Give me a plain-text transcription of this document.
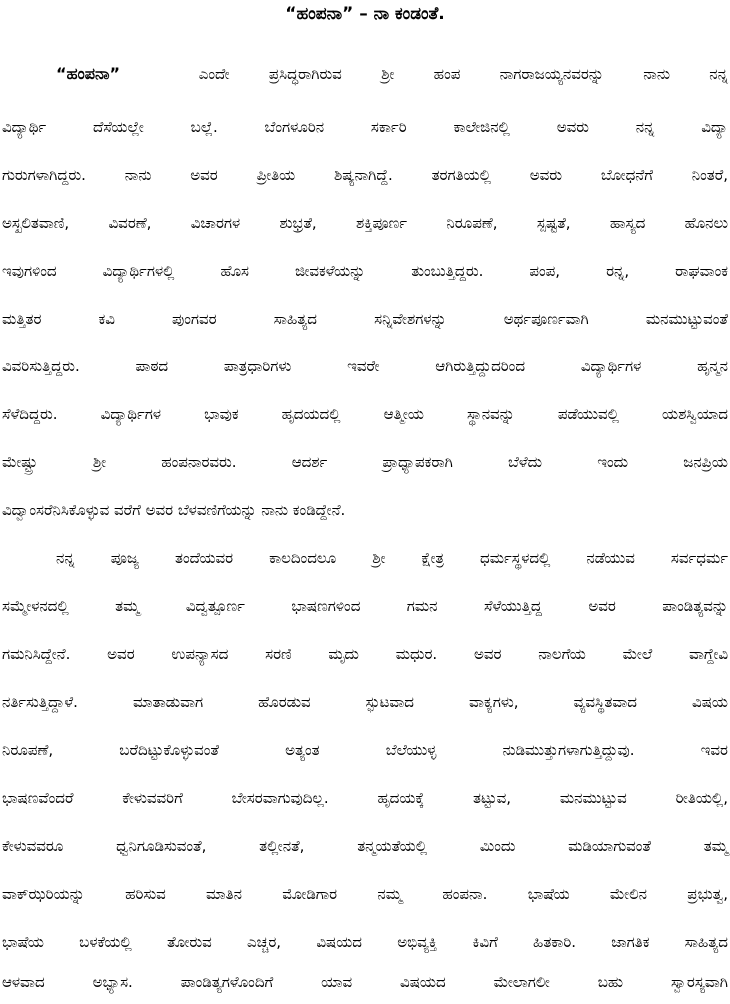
“ಹಂಪನಾ” – ನಾ ಕಂಡಂತೆ.
“ಹಂಪನಾ”	ಎಂದೇ ಪ್ರಸಿದ್ಧರಾಗಿರುವ ಶ್ರೀ ಹಂಪ ನಾಗರಾಜಯ್ಯನವರನ್ನು ನಾನು ನನ್ನ
ವಿದ್ಯಾರ್ಥಿ ದೆಸೆಯಲ್ಲೇ ಬಲ್ಲೆ. ಬೆಂಗಳೂರಿನ ಸರ್ಕಾರಿ ಕಾಲೇಜಿನಲ್ಲಿ ಅವರು ನನ್ನ ವಿದ್ಯಾ
ಗುರುಗಳಾಗಿದ್ದರು. ನಾನು ಅವರ ಪ್ರೀತಿಯ ಶಿಷ್ಯನಾಗಿದ್ದೆ. ತರಗತಿಯಲ್ಲಿ ಅವರು ಬೋಧನೆಗೆ ನಿಂತರೆ,
ಅಸ್ಖಲಿತವಾಣಿ, ವಿವರಣೆ, ವಿಚಾರಗಳ ಶುಭ್ರತೆ, ಶಕ್ತಿಪೂರ್ಣ ನಿರೂಪಣೆ, ಸ್ಪಷ್ಟತೆ, ಹಾಸ್ಯದ ಹೊನಲು
ಇವುಗಳಿಂದ ವಿದ್ಯಾರ್ಥಿಗಳಲ್ಲಿ ಹೊಸ ಜೀವಕಳೆಯನ್ನು ತುಂಬುತ್ತಿದ್ದರು. ಪಂಪ, ರನ್ನ, ರಾಘವಾಂಕ
ಮತ್ತಿತರ ಕವಿ ಪುಂಗವರ ಸಾಹಿತ್ಯದ ಸನ್ನಿವೇಶಗಳನ್ನು ಅರ್ಥಪೂರ್ಣವಾಗಿ ಮನಮುಟ್ಟುವಂತೆ
ವಿವರಿಸುತ್ತಿದ್ದರು. ಪಾಠದ ಪಾತ್ರಧಾರಿಗಳು ಇವರೇ ಆಗಿರುತ್ತಿದ್ದುದರಿಂದ ವಿದ್ಯಾರ್ಥಿಗಳ ಹೃನ್ಮನ
ಸೆಳೆದಿದ್ದರು. ವಿದ್ಯಾರ್ಥಿಗಳ ಭಾವುಕ ಹೃದಯದಲ್ಲಿ ಆತ್ಮೀಯ ಸ್ಥಾನವನ್ನು ಪಡೆಯುವಲ್ಲಿ ಯಶಸ್ವಿಯಾದ
ಮೇಷ್ಟ್ರು ಶ್ರೀ ಹಂಪನಾರವರು. ಆದರ್ಶ ಪ್ರಾಧ್ಯಾಪಕರಾಗಿ ಬೆಳೆದು ಇಂದು ಜನಪ್ರಿಯ
ವಿದ್ವಾಂಸರೆನಿಸಿಕೊಳ್ಳುವ ವರೆಗೆ ಅವರ ಬೆಳವಣಿಗೆಯನ್ನು ನಾನು ಕಂಡಿದ್ದೇನೆ.
ನನ್ನ ಪೂಜ್ಯ ತಂದೆಯವರ ಕಾಲದಿಂದಲೂ ಶ್ರೀ ಕ್ಷೇತ್ರ ಧರ್ಮಸ್ಥಳದಲ್ಲಿ ನಡೆಯುವ ಸರ್ವಧರ್ಮ
ಸಮ್ಮೇಳನದಲ್ಲಿ ತಮ್ಮ ವಿದ್ವತ್ಪೂರ್ಣ ಭಾಷಣಗಳಿಂದ ಗಮನ ಸೆಳೆಯುತ್ತಿದ್ದ ಅವರ ಪಾಂಡಿತ್ಯವನ್ನು
ಗಮನಿಸಿದ್ದೇನೆ. ಅವರ ಉಪನ್ಯಾಸದ ಸರಣಿ ಮೃದು ಮಧುರ. ಅವರ ನಾಲಗೆಯ ಮೇಲೆ ವಾಗ್ದೇವಿ
ನರ್ತಿಸುತ್ತಿದ್ದಾಳೆ. ಮಾತಾಡುವಾಗ ಹೊರಡುವ ಸ್ಫುಟವಾದ ವಾಕ್ಯಗಳು, ವ್ಯವಸ್ಥಿತವಾದ ವಿಷಯ
ನಿರೂಪಣೆ, ಬರೆದಿಟ್ಟುಕೊಳ್ಳುವಂತೆ ಅತ್ಯಂತ ಬೆಲೆಯುಳ್ಳ ನುಡಿಮುತ್ತುಗಳಾಗುತ್ತಿದ್ದುವು. ಇವರ
ಭಾಷಣವೆಂದರೆ ಕೇಳುವವರಿಗೆ ಬೇಸರವಾಗುವುದಿಲ್ಲ. ಹೃದಯಕ್ಕೆ ತಟ್ಟುವ, ಮನಮುಟ್ಟುವ ರೀತಿಯಲ್ಲಿ,
ಕೇಳುವವರೂ ಧ್ವನಿಗೂಡಿಸುವಂತೆ, ತಲ್ಲೀನತೆ, ತನ್ಮಯತೆಯಲ್ಲಿ ಮಿಂದು ಮಡಿಯಾಗುವಂತೆ ತಮ್ಮ
ವಾಕ್‌ಝರಿಯನ್ನು ಹರಿಸುವ ಮಾತಿನ ಮೋಡಿಗಾರ ನಮ್ಮ ಹಂಪನಾ. ಭಾಷೆಯ ಮೇಲಿನ ಪ್ರಭುತ್ವ,
ಭಾಷೆಯ ಬಳಕೆಯಲ್ಲಿ ತೋರುವ ಎಚ್ಚರ, ವಿಷಯದ ಅಭಿವ್ಯಕ್ತಿ ಕಿವಿಗೆ ಹಿತಕಾರಿ. ಜಾಗತಿಕ ಸಾಹಿತ್ಯದ
ಆಳವಾದ ಅಭ್ಯಾಸ. ಪಾಂಡಿತ್ಯಗಳೊಂದಿಗೆ ಯಾವ ವಿಷಯದ ಮೇಲಾಗಲೀ ಬಹು ಸ್ವಾರಸ್ಯವಾಗಿ
